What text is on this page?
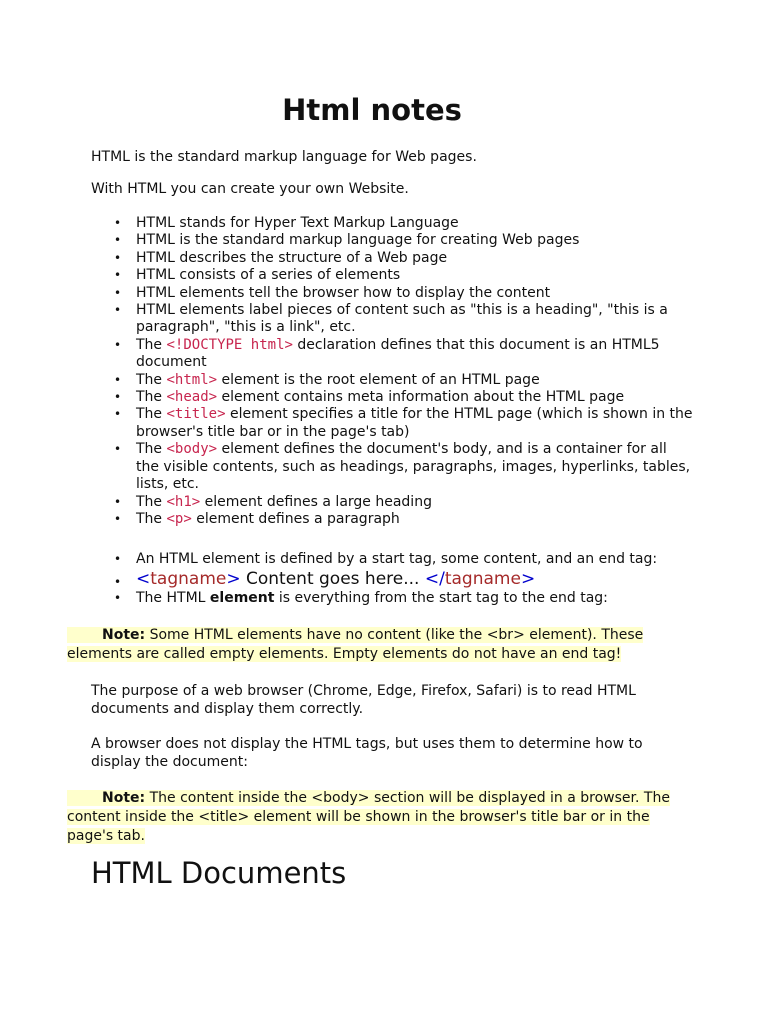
Html notes

HTML is the standard markup language for Web pages.

With HTML you can create your own Website.

• HTML stands for Hyper Text Markup Language
• HTML is the standard markup language for creating Web pages
• HTML describes the structure of a Web page
• HTML consists of a series of elements
• HTML elements tell the browser how to display the content
• HTML elements label pieces of content such as "this is a heading", "this is a paragraph", "this is a link", etc.
• The <!DOCTYPE html> declaration defines that this document is an HTML5 document
• The <html> element is the root element of an HTML page
• The <head> element contains meta information about the HTML page
• The <title> element specifies a title for the HTML page (which is shown in the browser's title bar or in the page's tab)
• The <body> element defines the document's body, and is a container for all the visible contents, such as headings, paragraphs, images, hyperlinks, tables, lists, etc.
• The <h1> element defines a large heading
• The <p> element defines a paragraph
• An HTML element is defined by a start tag, some content, and an end tag:
• <tagname> Content goes here... </tagname>
• The HTML element is everything from the start tag to the end tag:

   Note: Some HTML elements have no content (like the <br> element). These elements are called empty elements. Empty elements do not have an end tag!

The purpose of a web browser (Chrome, Edge, Firefox, Safari) is to read HTML documents and display them correctly.

A browser does not display the HTML tags, but uses them to determine how to display the document:

   Note: The content inside the <body> section will be displayed in a browser. The content inside the <title> element will be shown in the browser's title bar or in the page's tab.

HTML Documents
